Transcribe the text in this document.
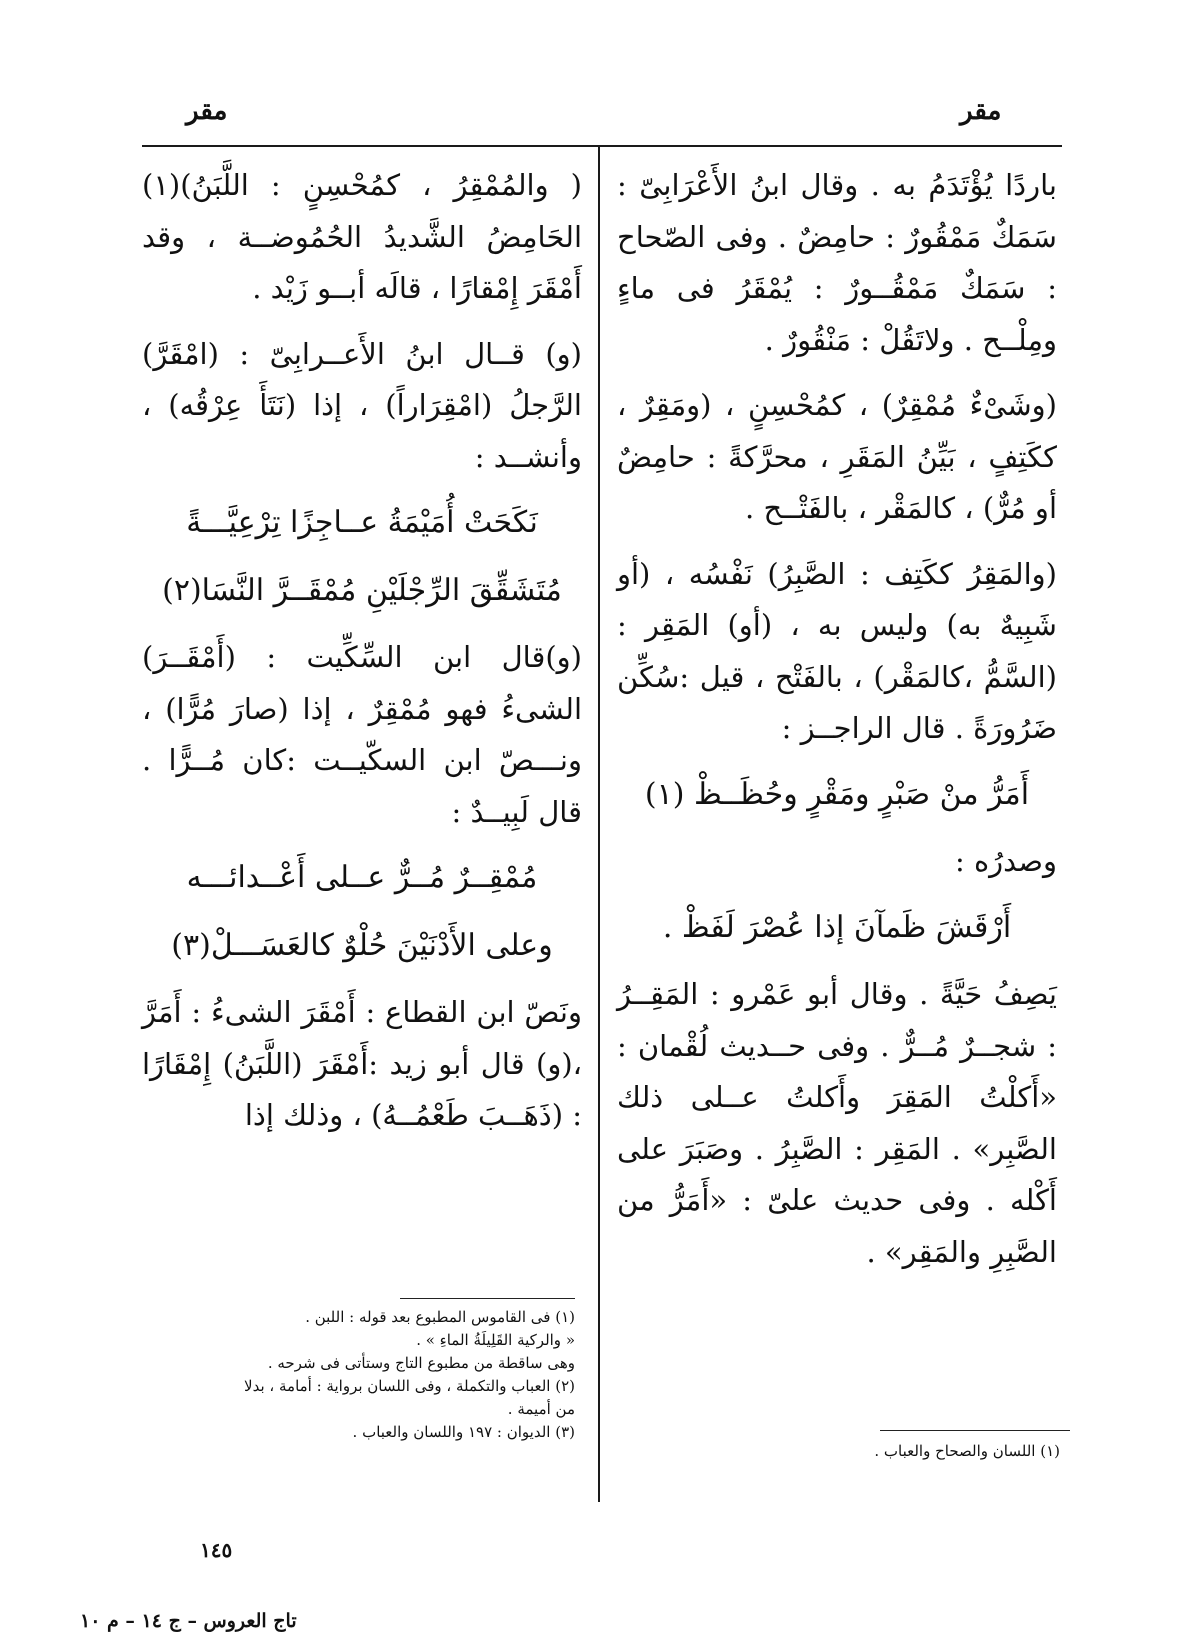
مقر
مقر

باردًا يُؤْتَدَمُ به . وقال ابنُ الأَعْرَابِىّ : سَمَكٌ مَمْقُورٌ : حامِضٌ . وفى الصّحاح : سَمَكٌ مَمْقُــورٌ : يُمْقَرُ فى ماءٍ ومِلْــح . ولاتَقُلْ : مَنْقُورٌ .

(وشَىْءٌ مُمْقِرٌ) ، كمُحْسِنٍ ، (ومَقِرٌ ، ككَتِفٍ ، بَيِّنُ المَقَرِ ، محرَّكةً : حامِضٌ أو مُرٌّ) ، كالمَقْر ، بالفَتْــح .

(والمَقِرُ ككَتِف : الصَّبِرُ) نَفْسُه ، (أو شَبِيهٌ به) وليس به ، (أو) المَقِر : (السَّمُّ ،كالمَقْر) ، بالفَتْح ، قيل :سُكِّن ضَرُورَةً . قال الراجــز :

أَمَرُّ منْ صَبْرٍ ومَقْرٍ وحُظَــظْ (١)

وصدرُه :

أَرْقَشَ ظَمآنَ إذا عُصْرَ لَفَظْ .

يَصِفُ حَيَّةً . وقال أبو عَمْرو : المَقِــرُ : شجــرٌ مُــرٌّ . وفى حــديث لُقْمان : «أَكلْتُ المَقِرَ وأَكلتُ عــلى ذلك الصَّبِر» . المَقِر : الصَّبِرُ . وصَبَرَ على أَكْله . وفى حديث علىّ : «أَمَرُّ من الصَّبِرِ والمَقِر» .

( والمُمْقِرُ ، كمُحْسِنٍ : اللَّبَنُ)(١) الحَامِضُ الشَّديدُ الحُمُوضــة ، وقد أَمْقَرَ إِمْقارًا ، قالَه أبــو زَيْد .

(و) قــال ابنُ الأَعــرابِىّ : (امْقَرَّ) الرَّجلُ (امْقِرَاراً) ، إذا (نَتَأَ عِرْقُه) ، وأنشــد :

نَكَحَتْ أُمَيْمَةُ عــاجِزًا تِرْعِيَّـــةً

مُتَشَقِّقَ الرِّجْلَيْنِ مُمْقَــرَّ النَّسَا(٢)

(و)قال ابن السِّكِّيت : (أَمْقَــرَ) الشىءُ فهو مُمْقِرٌ ، إذا (صارَ مُرًّا) ، ونـــصّ ابن السكّيــت :كان مُــرًّا . قال لَبِيــدٌ :

مُمْقِــرٌ مُــرٌّ عــلى أَعْــدائـــه

وعلى الأَدْنَيْنَ حُلْوٌ كالعَسَـــلْ(٣)

ونَصّ ابن القطاع : أَمْقَرَ الشىءُ : أَمَرَّ ،(و) قال أبو زيد :أَمْقَرَ (اللَّبَنُ) إِمْقَارًا : (ذَهَــبَ طَعْمُــهُ) ، وذلك إذا

(١) اللسان والصحاح والعباب .
(١) فى القاموس المطبوع بعد قوله : اللبن .
« والركية القَلِيلَةُ الماءِ » .
وهى ساقطة من مطبوع التاج وستأتى فى شرحه .
(٢) العباب والتكملة ، وفى اللسان برواية : أمامة ، بدلا
من أميمة .
(٣) الديوان : ١٩٧ واللسان والعباب .
١٤٥
تاج العروس – ج ١٤ – م ١٠
